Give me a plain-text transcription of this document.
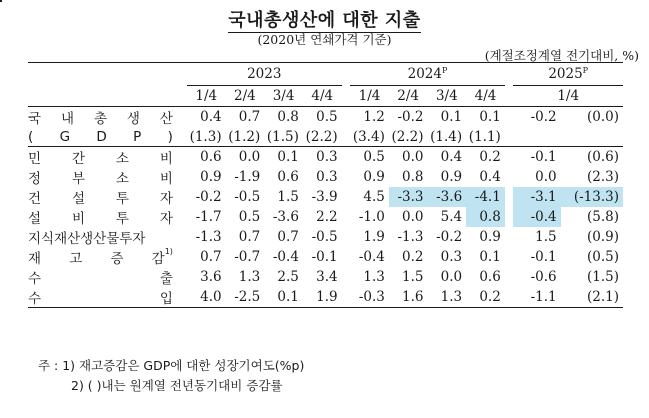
국내총생산에 대한 지출
(2020년 연쇄가격 기준)
(계절조정계열 전기대비, %)
	2023					$2024^P$					$2025^P$
	1/4	2/4	3/4	4/4		1/4	2/4	3/4	4/4		1/4	

국 내 총 생 산	0.4	0.7	0.8	0.5		1.2	-0.2	0.1	0.1		-0.2	(0.0)

( G D P )	(1.3)	(1.2)	(1.5)	(2.2)		(3.4)	(2.2)	(1.4)	(1.1)			

민 간 소 비	0.6	0.0	0.1	0.3		0.5	0.0	0.4	0.2		-0.1	(0.6)

정 부 소 비	0.9	-1.9	0.6	0.3		0.9	0.8	0.9	0.4		0.0	(2.3)

건 설 투 자	-0.2	-0.5	1.5	-3.9		4.5	-3.3	-3.6	-4.1		-3.1	(-13.3)

설 비 투 자	-1.7	0.5	-3.6	2.2		-1.0	0.0	5.4	0.8		-0.4	(5.8)
지식재산생산물투자	-1.3	0.7	0.7	-0.5		1.9	-1.3	-0.2	0.9		1.5	(0.9)

재 고 증 감$^{1)}$	0.7	-0.7	-0.4	-0.1		-0.4	0.2	0.3	0.1		-0.1	(0.5)

수 출	3.6	1.3	2.5	3.4		1.3	1.5	0.0	0.6		-0.6	(1.5)

수 입	4.0	-2.5	0.1	1.9		-0.3	1.6	1.3	0.2		-1.1	(2.1)
주 : 1) 재고증감은 GDP에 대한 성장기여도(%p)
2) ( )내는 원계열 전년동기대비 증감률
